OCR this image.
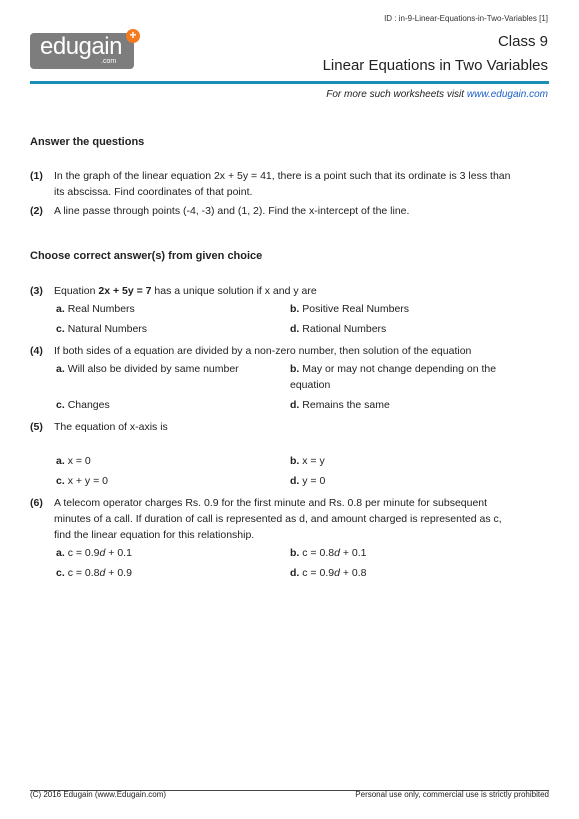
ID : in-9-Linear-Equations-in-Two-Variables [1]
edugain
.com
+	Class 9
Linear Equations in Two Variables
For more such worksheets visit www.edugain.com
Answer the questions
(1) In the graph of the linear equation 2x + 5y = 41, there is a point such that its ordinate is 3 less than its abscissa. Find coordinates of that point.
(2) A line passe through points (-4, -3) and (1, 2). Find the x-intercept of the line.
Choose correct answer(s) from given choice
(3) Equation 2x + 5y = 7 has a unique solution if x and y are
a. Real Numbers	b. Positive Real Numbers
c. Natural Numbers	d. Rational Numbers
(4) If both sides of a equation are divided by a non-zero number, then solution of the equation
a. Will also be divided by same number	b. May or may not change depending on the equation
c. Changes	d. Remains the same
(5) The equation of x-axis is
a. x = 0	b. x = y
c. x + y = 0	d. y = 0
(6) A telecom operator charges Rs. 0.9 for the first minute and Rs. 0.8 per minute for subsequent minutes of a call. If duration of call is represented as d, and amount charged is represented as c, find the linear equation for this relationship.
a. c = 0.9d + 0.1	b. c = 0.8d + 0.1
c. c = 0.8d + 0.9	d. c = 0.9d + 0.8
(C) 2016 Edugain (www.Edugain.com)	Personal use only, commercial use is strictly prohibited
